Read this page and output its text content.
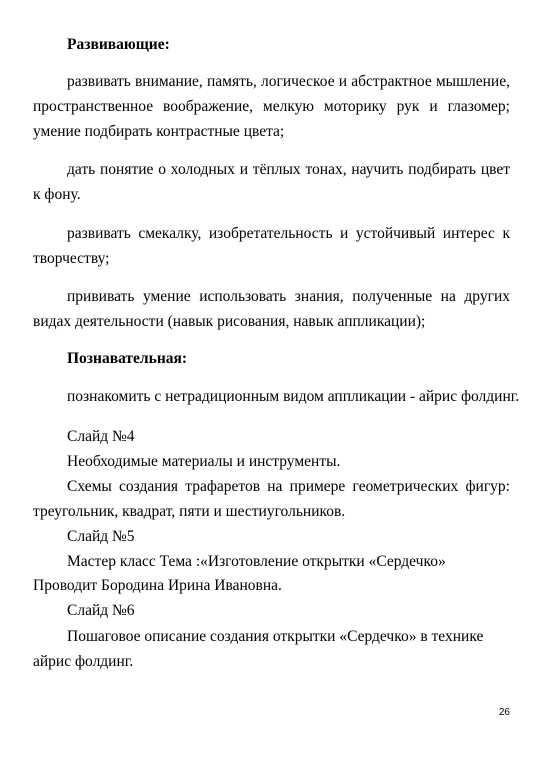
Развивающие:
развивать внимание, память, логическое и абстрактное мышление, пространственное воображение, мелкую моторику рук и глазомер; умение подбирать контрастные цвета;
дать понятие о холодных и тёплых тонах, научить подбирать цвет к фону.
развивать смекалку, изобретательность и устойчивый интерес к творчеству;
прививать умение использовать знания, полученные на других видах деятельности (навык рисования, навык аппликации);
Познавательная:
познакомить с нетрадиционным видом аппликации - айрис фолдинг.
Слайд №4
Необходимые материалы и инструменты.
Схемы создания трафаретов на примере геометрических фигур: треугольник, квадрат, пяти и шестиугольников.
Слайд №5
Мастер класс Тема :«Изготовление открытки «Сердечко»
Проводит Бородина Ирина Ивановна.
Слайд №6
Пошаговое описание создания открытки «Сердечко» в технике айрис фолдинг.
26
